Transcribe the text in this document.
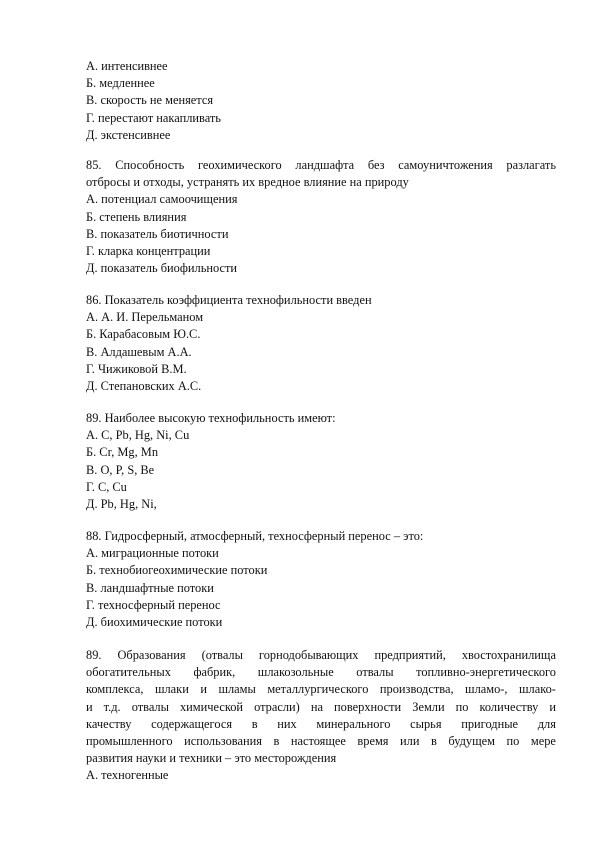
А. интенсивнее
Б. медленнее
В. скорость не меняется
Г. перестают накапливать
Д. экстенсивнее
85. Способность геохимического ландшафта без самоуничтожения разлагать
отбросы и отходы, устранять их вредное влияние на природу
А. потенциал самоочищения
Б. степень влияния
В. показатель биотичности
Г. кларка концентрации
Д. показатель биофильности
86. Показатель коэффициента технофильности введен
А. А. И. Перельманом
Б. Карабасовым Ю.С.
В. Алдашевым А.А.
Г. Чижиковой В.М.
Д. Степановских А.С.
89. Наиболее высокую технофильность имеют:
А. C, Pb, Hg, Ni, Cu
Б. Cr, Mg, Mn
В. O, P, S, Be
Г. C, Cu
Д. Pb, Hg, Ni,
88. Гидросферный, атмосферный, техносферный перенос – это:
А. миграционные потоки
Б. технобиогеохимические потоки
В. ландшафтные потоки
Г. техносферный перенос
Д. биохимические потоки
89. Образования (отвалы горнодобывающих предприятий, хвостохранилища
обогатительных фабрик, шлакозольные отвалы топливно-энергетического
комплекса, шлаки и шламы металлургического производства, шламо-, шлако-
и т.д. отвалы химической отрасли) на поверхности Земли по количеству и
качеству содержащегося в них минерального сырья пригодные для
промышленного использования в настоящее время или в будущем по мере
развития науки и техники – это месторождения
А. техногенные
